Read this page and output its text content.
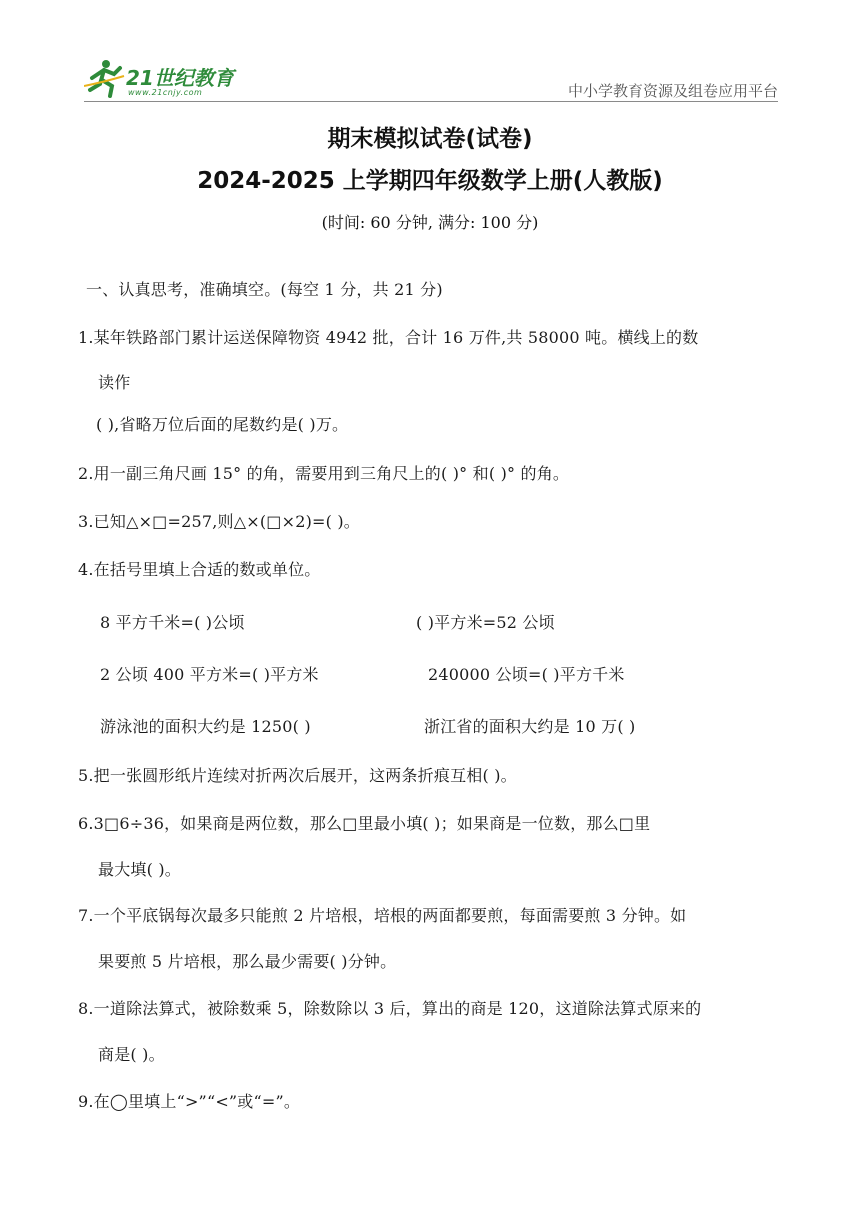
21世纪教育
www.21cnjy.com	中小学教育资源及组卷应用平台
期末模拟试卷(试卷)
2024-2025 上学期四年级数学上册(人教版)
(时间: 60 分钟, 满分: 100 分)
一、认真思考，准确填空。(每空 1 分，共 21 分)
1.某年铁路部门累计运送保障物资 4942 批，合计 16 万件,共 58000 吨。横线上的数
读作
( ),省略万位后面的尾数约是( )万。
2.用一副三角尺画 15° 的角，需要用到三角尺上的( )° 和( )° 的角。
3.已知△×□=257,则△×(□×2)=( )。
4.在括号里填上合适的数或单位。
8 平方千米=( )公顷	( )平方米=52 公顷
2 公顷 400 平方米=( )平方米	240000 公顷=( )平方千米
游泳池的面积大约是 1250( )	浙江省的面积大约是 10 万( )
5.把一张圆形纸片连续对折两次后展开，这两条折痕互相( )。
6.3□6÷36，如果商是两位数，那么□里最小填( )；如果商是一位数，那么□里
最大填( )。
7.一个平底锅每次最多只能煎 2 片培根，培根的两面都要煎，每面需要煎 3 分钟。如
果要煎 5 片培根，那么最少需要( )分钟。
8.一道除法算式，被除数乘 5，除数除以 3 后，算出的商是 120，这道除法算式原来的
商是( )。
9.在◯里填上“>”“<”或“=”。
